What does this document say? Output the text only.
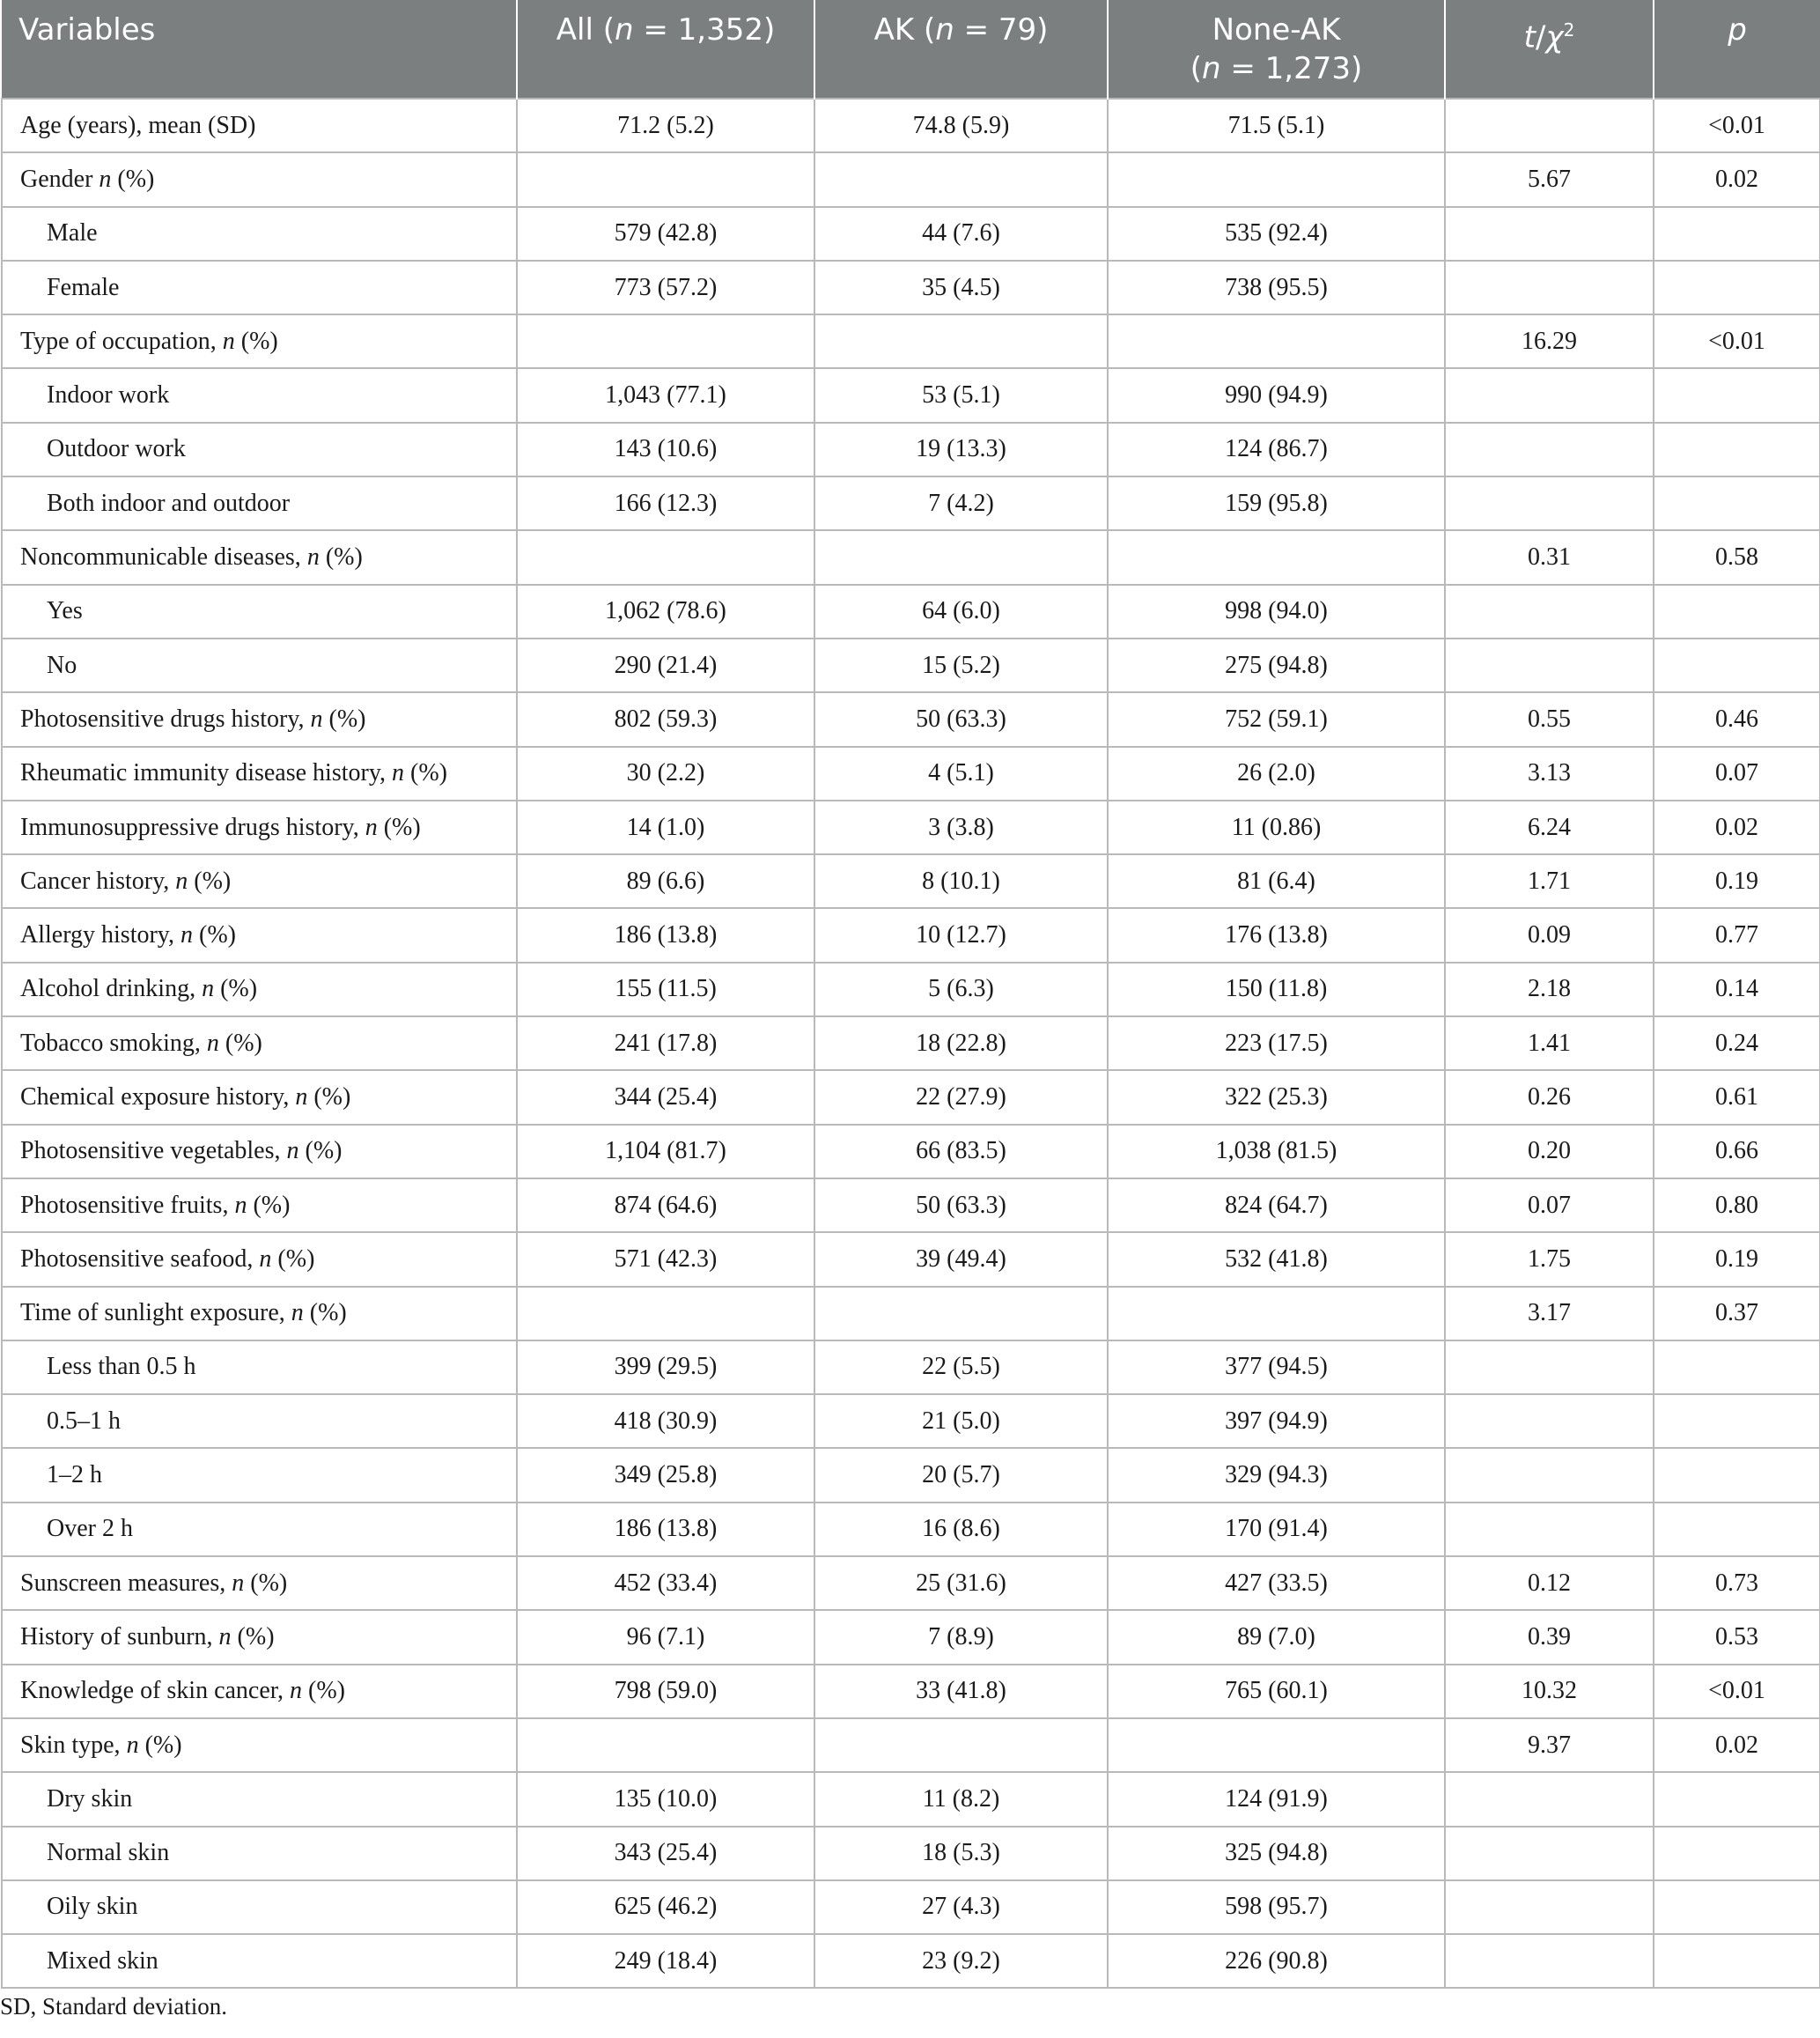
Variables	All (n = 1,352)	AK (n = 79)	None-AK
(n = 1,273)	$t/\chi^2$	p
Age (years), mean (SD)	71.2 (5.2)	74.8 (5.9)	71.5 (5.1)		<0.01
Gender n (%)				5.67	0.02
Male	579 (42.8)	44 (7.6)	535 (92.4)		
Female	773 (57.2)	35 (4.5)	738 (95.5)		
Type of occupation, n (%)				16.29	<0.01
Indoor work	1,043 (77.1)	53 (5.1)	990 (94.9)		
Outdoor work	143 (10.6)	19 (13.3)	124 (86.7)		
Both indoor and outdoor	166 (12.3)	7 (4.2)	159 (95.8)		
Noncommunicable diseases, n (%)				0.31	0.58
Yes	1,062 (78.6)	64 (6.0)	998 (94.0)		
No	290 (21.4)	15 (5.2)	275 (94.8)		
Photosensitive drugs history, n (%)	802 (59.3)	50 (63.3)	752 (59.1)	0.55	0.46
Rheumatic immunity disease history, n (%)	30 (2.2)	4 (5.1)	26 (2.0)	3.13	0.07
Immunosuppressive drugs history, n (%)	14 (1.0)	3 (3.8)	11 (0.86)	6.24	0.02
Cancer history, n (%)	89 (6.6)	8 (10.1)	81 (6.4)	1.71	0.19
Allergy history, n (%)	186 (13.8)	10 (12.7)	176 (13.8)	0.09	0.77
Alcohol drinking, n (%)	155 (11.5)	5 (6.3)	150 (11.8)	2.18	0.14
Tobacco smoking, n (%)	241 (17.8)	18 (22.8)	223 (17.5)	1.41	0.24
Chemical exposure history, n (%)	344 (25.4)	22 (27.9)	322 (25.3)	0.26	0.61
Photosensitive vegetables, n (%)	1,104 (81.7)	66 (83.5)	1,038 (81.5)	0.20	0.66
Photosensitive fruits, n (%)	874 (64.6)	50 (63.3)	824 (64.7)	0.07	0.80
Photosensitive seafood, n (%)	571 (42.3)	39 (49.4)	532 (41.8)	1.75	0.19
Time of sunlight exposure, n (%)				3.17	0.37
Less than 0.5 h	399 (29.5)	22 (5.5)	377 (94.5)		
0.5–1 h	418 (30.9)	21 (5.0)	397 (94.9)		
1–2 h	349 (25.8)	20 (5.7)	329 (94.3)		
Over 2 h	186 (13.8)	16 (8.6)	170 (91.4)		
Sunscreen measures, n (%)	452 (33.4)	25 (31.6)	427 (33.5)	0.12	0.73
History of sunburn, n (%)	96 (7.1)	7 (8.9)	89 (7.0)	0.39	0.53
Knowledge of skin cancer, n (%)	798 (59.0)	33 (41.8)	765 (60.1)	10.32	<0.01
Skin type, n (%)				9.37	0.02
Dry skin	135 (10.0)	11 (8.2)	124 (91.9)		
Normal skin	343 (25.4)	18 (5.3)	325 (94.8)		
Oily skin	625 (46.2)	27 (4.3)	598 (95.7)		
Mixed skin	249 (18.4)	23 (9.2)	226 (90.8)		
SD, Standard deviation.
